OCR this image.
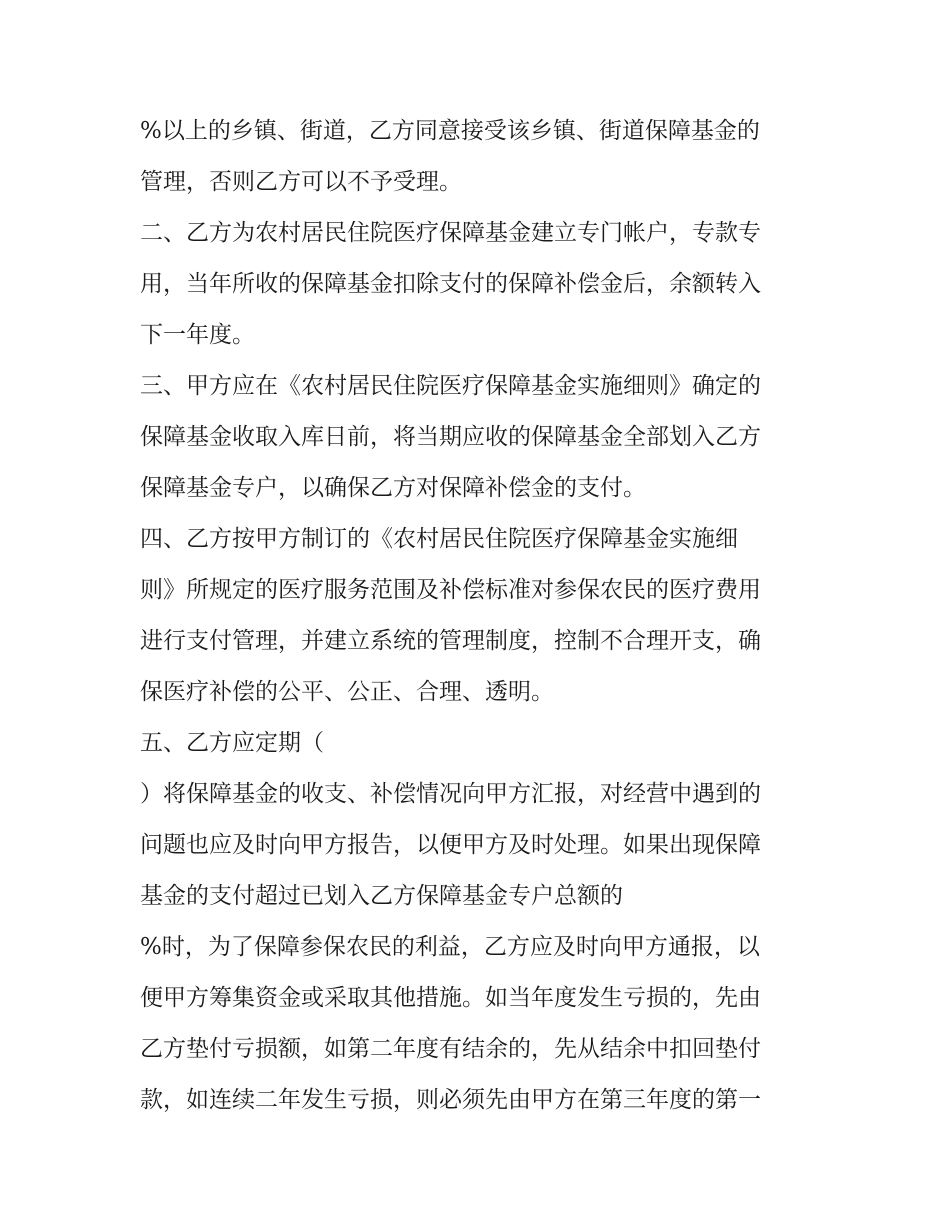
%以上的乡镇、街道，乙方同意接受该乡镇、街道保障基金的
管理，否则乙方可以不予受理。
二、乙方为农村居民住院医疗保障基金建立专门帐户，专款专
用，当年所收的保障基金扣除支付的保障补偿金后，余额转入
下一年度。
三、甲方应在《农村居民住院医疗保障基金实施细则》确定的
保障基金收取入库日前，将当期应收的保障基金全部划入乙方
保障基金专户，以确保乙方对保障补偿金的支付。
四、乙方按甲方制订的《农村居民住院医疗保障基金实施细
则》所规定的医疗服务范围及补偿标准对参保农民的医疗费用
进行支付管理，并建立系统的管理制度，控制不合理开支，确
保医疗补偿的公平、公正、合理、透明。
五、乙方应定期（
）将保障基金的收支、补偿情况向甲方汇报，对经营中遇到的
问题也应及时向甲方报告，以便甲方及时处理。如果出现保障
基金的支付超过已划入乙方保障基金专户总额的
%时，为了保障参保农民的利益，乙方应及时向甲方通报，以
便甲方筹集资金或采取其他措施。如当年度发生亏损的，先由
乙方垫付亏损额，如第二年度有结余的，先从结余中扣回垫付
款，如连续二年发生亏损，则必须先由甲方在第三年度的第一
